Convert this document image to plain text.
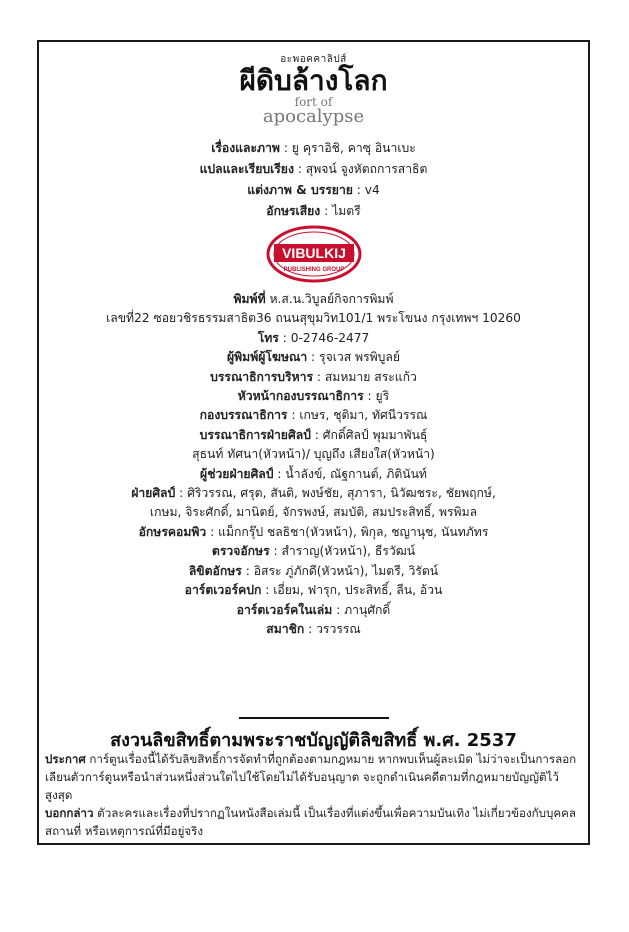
อะพอคคาลิปส์
ผีดิบล้างโลก
fort of
apocalypse
เรื่องและภาพ : ยู คุราอิชิ, คาซุ อินาเบะ
แปลและเรียบเรียง : สุพจน์ จูงหัตถการสาธิต
แต่งภาพ & บรรยาย : v4
อักษรเสียง : ไมตรี
VIBULKIJ
PUBLISHING GROUP
พิมพ์ที่ ห.ส.น.วิบูลย์กิจการพิมพ์
เลขที่22 ซอยวชิรธรรมสาธิต36 ถนนสุขุมวิท101/1 พระโขนง กรุงเทพฯ 10260
โทร : 0-2746-2477
ผู้พิมพ์ผู้โฆษณา : รุจเวส พรพิบูลย์
บรรณาธิการบริหาร : สมหมาย สระแก้ว
หัวหน้ากองบรรณาธิการ : ยูริ
กองบรรณาธิการ : เกษร, ชุติมา, ทัศนีวรรณ
บรรณาธิการฝ่ายศิลป์ : ศักดิ์ศิลป์ พุมมาพันธุ์
สุธนท์ ทัศนา(หัวหน้า)/ บุญถึง เสียงใส(หัวหน้า)
ผู้ช่วยฝ่ายศิลป์ : น้ำลังข์, ณัฐกานต์, ภิตินันท์
ฝ่ายศิลป์ : ศิริวรรณ, ศรุต, สันติ, พงษ์ชัย, สุภารา, นิวัฒชระ, ชัยพฤกษ์,
เกษม, จิระศักดิ์, มานิตย์, จักรพงษ์, สมบัติ, สมประสิทธิ์, พรพิมล
อักษรคอมพิว : แม็กกรุ๊ป ชลธิชา(หัวหน้า), พิกุล, ชญานุช, นันทภัทร
ตรวจอักษร : สำราญ(หัวหน้า), ธีรวัฒน์
ลิขิตอักษร : อิสระ ภู่ภักดี(หัวหน้า), ไมตรี, วิรัตน์
อาร์ตเวอร์คปก : เอี่ยม, ฟารุก, ประสิทธิ์, ลีน, อ้วน
อาร์ตเวอร์คในเล่ม : ภานุศักดิ์
สมาชิก : วรวรรณ
สงวนลิขสิทธิ์ตามพระราชบัญญัติลิขสิทธิ์ พ.ศ. 2537
ประกาศ การ์ตูนเรื่องนี้ได้รับลิขสิทธิ์การจัดทำที่ถูกต้องตามกฎหมาย หากพบเห็นผู้ละเมิด ไม่ว่าจะเป็นการลอกเลียนตัวการ์ตูนหรือนำส่วนหนึ่งส่วนใดไปใช้โดยไม่ได้รับอนุญาต จะถูกดำเนินคดีตามที่กฎหมายบัญญัติไว้สูงสุด
บอกกล่าว ตัวละครและเรื่องที่ปรากฏในหนังสือเล่มนี้ เป็นเรื่องที่แต่งขึ้นเพื่อความบันเทิง ไม่เกี่ยวข้องกับบุคคล สถานที่ หรือเหตุการณ์ที่มีอยู่จริง
